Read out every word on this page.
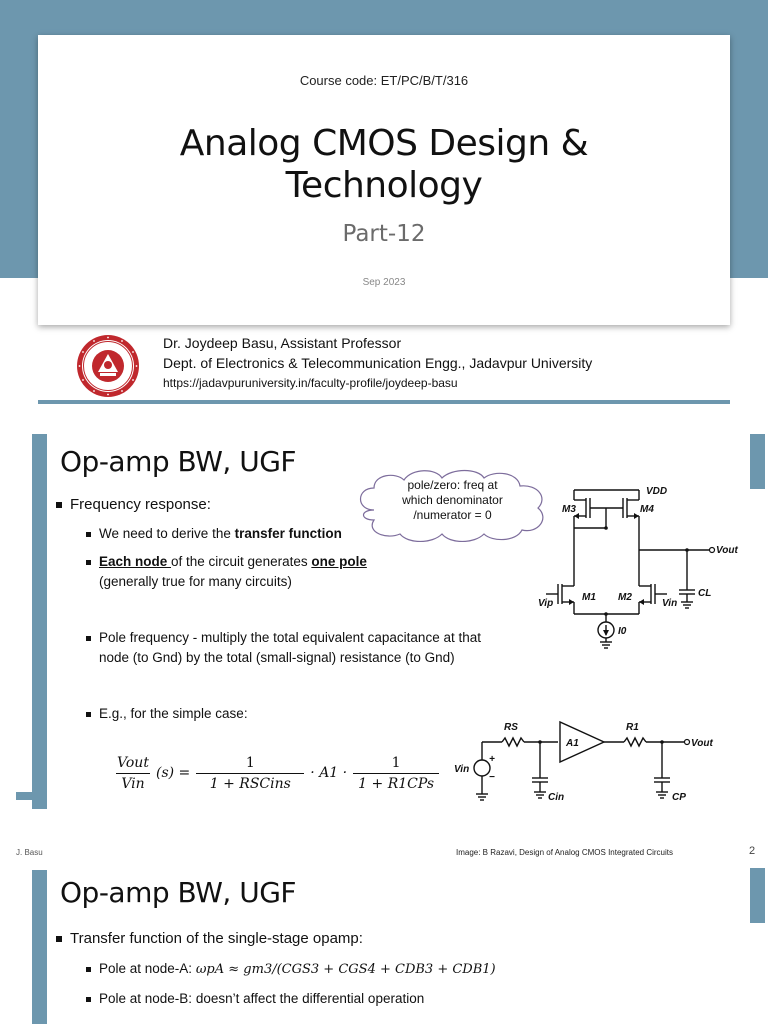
Course code: ET/PC/B/T/316
Analog CMOS Design &
Technology
Part-12
Sep 2023
Dr. Joydeep Basu, Assistant Professor
Dept. of Electronics & Telecommunication Engg., Jadavpur University
https://jadavpuruniversity.in/faculty-profile/joydeep-basu
Op-amp BW, UGF
Frequency response:
We need to derive the transfer function
Each node of the circuit generates one pole
(generally true for many circuits)
Pole frequency - multiply the total equivalent capacitance at that
node (to Gnd) by the total (small-signal) resistance (to Gnd)
E.g., for the simple case:
pole/zero: freq at
which denominator
/numerator = 0
VDD
M3	M4
M1 M2
Vip	Vin
Vout
CL
I0
Vout
Vin
(s) =
1
1 + RSCins
· A1 ·
1
1 + R1CPs
RS
A1
R1
Vout
Vin
Cin	CP
+
−
J. Basu	Image: B Razavi, Design of Analog CMOS Integrated Circuits	2
Op-amp BW, UGF
Transfer function of the single-stage opamp:
Pole at node-A: ωpA ≈ gm3/(CGS3 + CGS4 + CDB3 + CDB1)
Pole at node-B: doesn’t affect the differential operation
